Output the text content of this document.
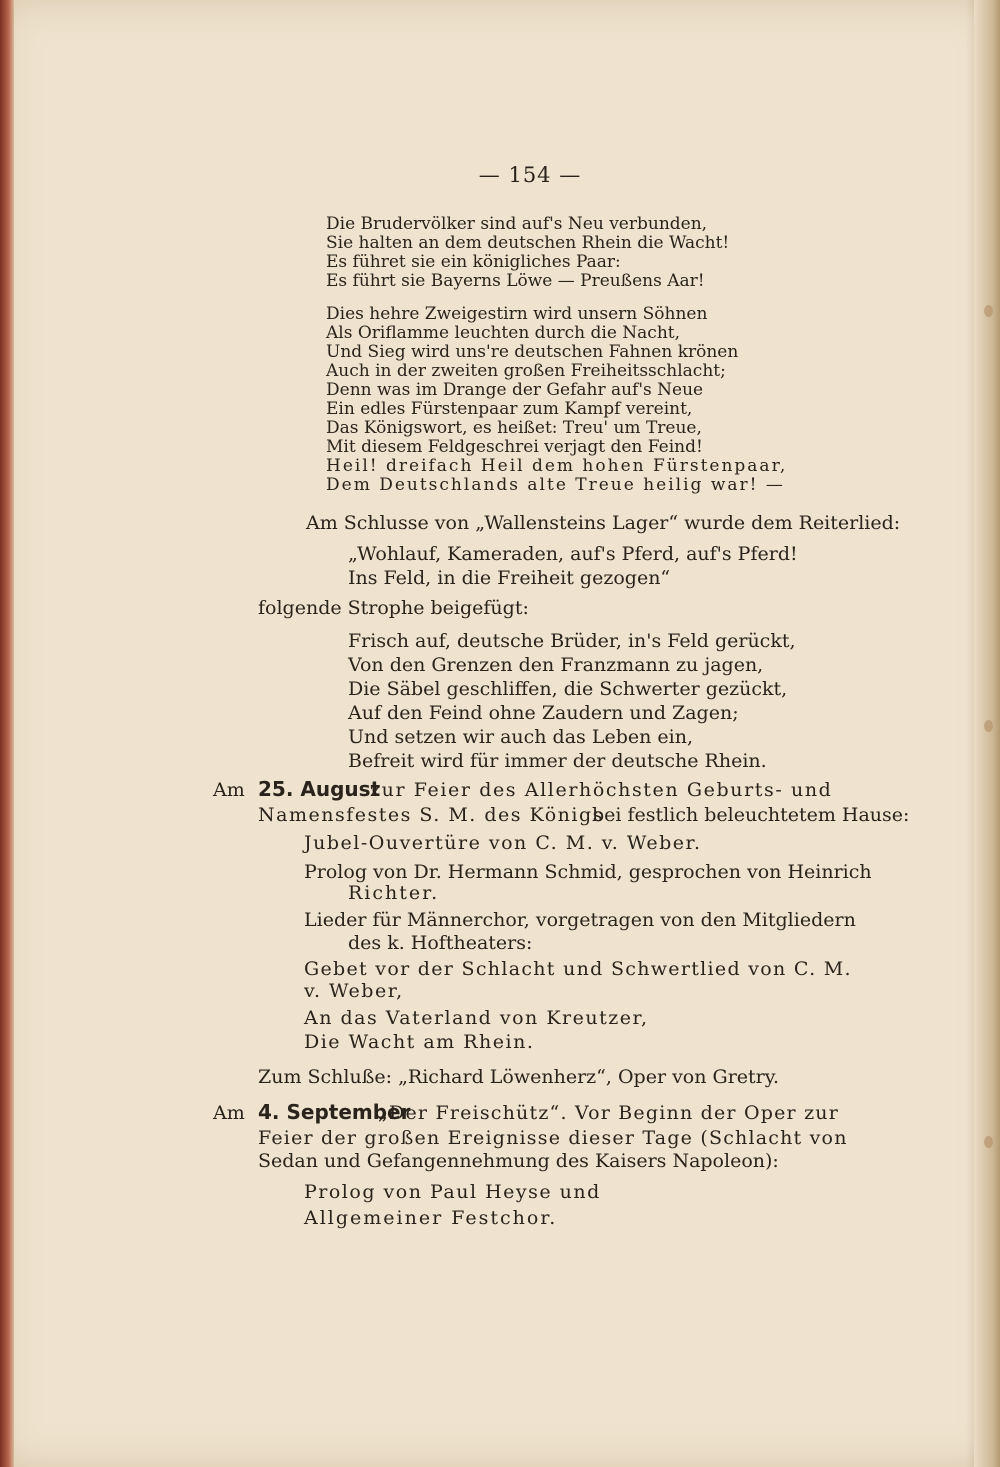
— 154 —
Die Brudervölker sind auf's Neu verbunden,
Sie halten an dem deutschen Rhein die Wacht!
Es führet sie ein königliches Paar:
Es führt sie Bayerns Löwe — Preußens Aar!
Dies hehre Zweigestirn wird unsern Söhnen
Als Oriflamme leuchten durch die Nacht,
Und Sieg wird uns're deutschen Fahnen krönen
Auch in der zweiten großen Freiheitsschlacht;
Denn was im Drange der Gefahr auf's Neue
Ein edles Fürstenpaar zum Kampf vereint,
Das Königswort, es heißet: Treu' um Treue,
Mit diesem Feldgeschrei verjagt den Feind!
Heil! dreifach Heil dem hohen Fürstenpaar,
Dem Deutschlands alte Treue heilig war! —
Am Schlusse von „Wallensteins Lager“ wurde dem Reiterlied:
„Wohlauf, Kameraden, auf's Pferd, auf's Pferd!
Ins Feld, in die Freiheit gezogen“
folgende Strophe beigefügt:
Frisch auf, deutsche Brüder, in's Feld gerückt,
Von den Grenzen den Franzmann zu jagen,
Die Säbel geschliffen, die Schwerter gezückt,
Auf den Feind ohne Zaudern und Zagen;
Und setzen wir auch das Leben ein,
Befreit wird für immer der deutsche Rhein.
Am 25. August
zur Feier des Allerhöchsten Geburts- und
Namensfestes S. M. des Königs
bei festlich beleuchtetem Hause:
Jubel-Ouvertüre von C. M. v. Weber.
Prolog von Dr. Hermann Schmid, gesprochen von Heinrich
Richter.
Lieder für Männerchor, vorgetragen von den Mitgliedern
des k. Hoftheaters:
Gebet vor der Schlacht und Schwertlied von C. M.
v. Weber,
An das Vaterland von Kreutzer,
Die Wacht am Rhein.
Zum Schluße: „Richard Löwenherz“, Oper von Gretry.
Am 4. September
„Der Freischütz“. Vor Beginn der Oper zur
Feier der großen Ereignisse dieser Tage (Schlacht von
Sedan und Gefangennehmung des Kaisers Napoleon):
Prolog von Paul Heyse und
Allgemeiner Festchor.
